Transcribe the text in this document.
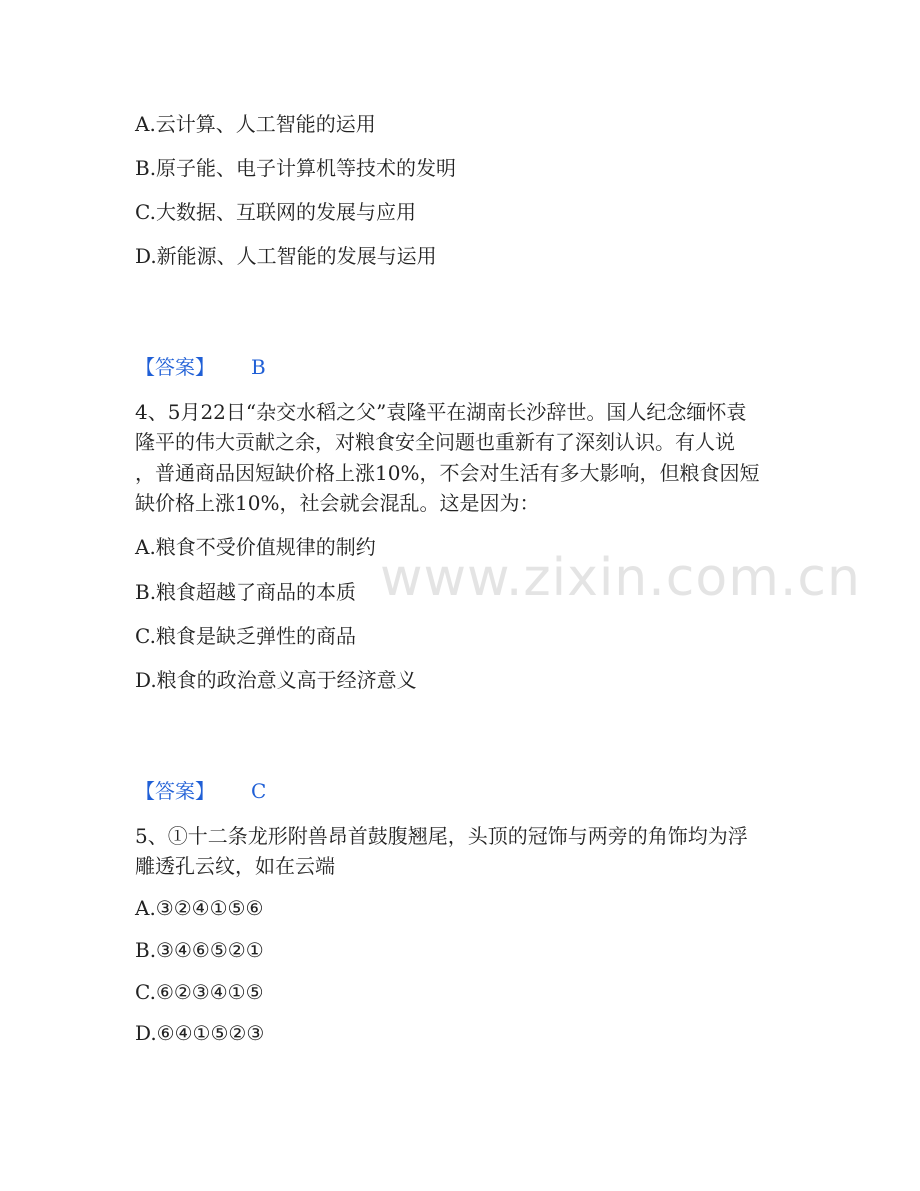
www.zixin.com.cn
A.云计算、人工智能的运用
B.原子能、电子计算机等技术的发明
C.大数据、互联网的发展与应用
D.新能源、人工智能的发展与运用
【答案】 B
4、5月22日“杂交水稻之父”袁隆平在湖南长沙辞世。国人纪念缅怀袁
隆平的伟大贡献之余，对粮食安全问题也重新有了深刻认识。有人说
，普通商品因短缺价格上涨10%，不会对生活有多大影响，但粮食因短
缺价格上涨10%，社会就会混乱。这是因为：
A.粮食不受价值规律的制约
B.粮食超越了商品的本质
C.粮食是缺乏弹性的商品
D.粮食的政治意义高于经济意义
【答案】 C
5、①十二条龙形附兽昂首鼓腹翘尾，头顶的冠饰与两旁的角饰均为浮
雕透孔云纹，如在云端
A.③②④①⑤⑥
B.③④⑥⑤②①
C.⑥②③④①⑤
D.⑥④①⑤②③
